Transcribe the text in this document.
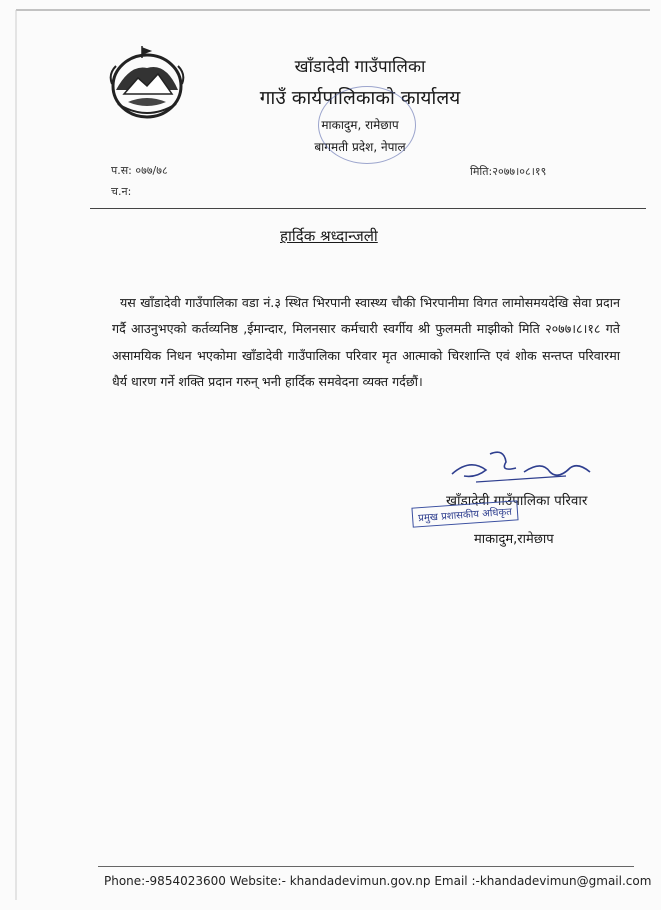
खाँडादेवी गाउँपालिका
गाउँ कार्यपालिकाको कार्यालय
माकादुम, रामेछाप
बागमती प्रदेश, नेपाल
प.स: ०७७/७८
च.न:
मिति:२०७७।०८।१९
हार्दिक श्रध्दान्जली
यस खाँडादेवी गाउँपालिका वडा नं.३ स्थित भिरपानी स्वास्थ्य चौकी भिरपानीमा विगत लामोसमयदेखि सेवा प्रदान गर्दै आउनुभएको कर्तव्यनिष्ठ ,ईमान्दार, मिलनसार कर्मचारी स्वर्गीय श्री फुलमती माझीको मिति २०७७।८।१८ गते असामयिक निधन भएकोमा खाँडादेवी गाउँपालिका परिवार मृत आत्माको चिरशान्ति एवं शोक सन्तप्त परिवारमा धैर्य धारण गर्ने शक्ति प्रदान गरुन् भनी हार्दिक समवेदना व्यक्त गर्दछौं।
खाँडादेवी गाउँपालिका परिवार
प्रमुख प्रशासकीय अधिकृत
माकादुम,रामेछाप
Phone:-9854023600 Website:- khandadevimun.gov.np Email :-khandadevimun@gmail.com
